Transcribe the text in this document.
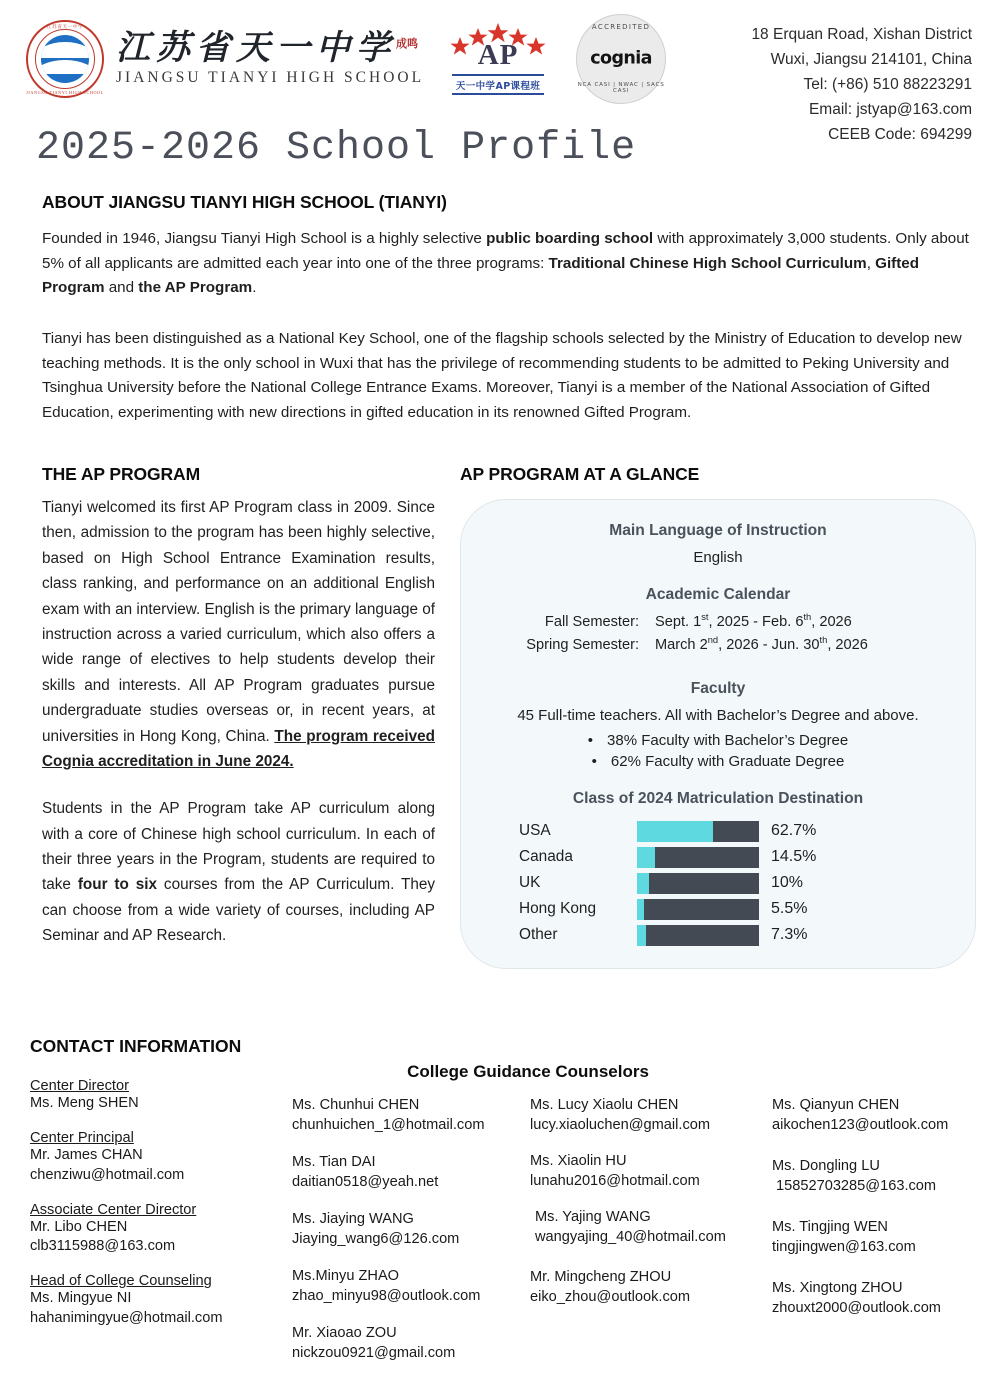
江苏省天一中学
JIANGSU TIANYI HIGH SCHOOL
江苏省天一中学成鸣
JIANGSU TIANYI HIGH SCHOOL
AP
天一中学AP课程班
ACCREDITED
cognia
NCA CASI | NWAC | SACS CASI
18 Erquan Road, Xishan District
Wuxi, Jiangsu 214101, China
Tel: (+86) 510 88223291
Email: jstyap@163.com
CEEB Code: 694299
2025-2026 School Profile
ABOUT JIANGSU TIANYI HIGH SCHOOL (TIANYI)

Founded in 1946, Jiangsu Tianyi High School is a highly selective public boarding school with approximately 3,000 students. Only about 5% of all applicants are admitted each year into one of the three programs: Traditional Chinese High School Curriculum, Gifted Program and the AP Program.

Tianyi has been distinguished as a National Key School, one of the flagship schools selected by the Ministry of Education to develop new teaching methods. It is the only school in Wuxi that has the privilege of recommending students to be admitted to Peking University and Tsinghua University before the National College Entrance Exams. Moreover, Tianyi is a member of the National Association of Gifted Education, experimenting with new directions in gifted education in its renowned Gifted Program.

THE AP PROGRAM

Tianyi welcomed its first AP Program class in 2009. Since then, admission to the program has been highly selective, based on High School Entrance Examination results, class ranking, and performance on an additional English exam with an interview. English is the primary language of instruction across a varied curriculum, which also offers a wide range of electives to help students develop their skills and interests. All AP Program graduates pursue undergraduate studies overseas or, in recent years, at universities in Hong Kong, China. The program received Cognia accreditation in June 2024.

Students in the AP Program take AP curriculum along with a core of Chinese high school curriculum. In each of their three years in the Program, students are required to take four to six courses from the AP Curriculum. They can choose from a wide variety of courses, including AP Seminar and AP Research.

AP PROGRAM AT A GLANCE
Main Language of Instruction
English
Academic Calendar
Fall Semester:	Sept. 1st, 2025 - Feb. 6th, 2026
Spring Semester:	March 2nd, 2026 - Jun. 30th, 2026
Faculty
45 Full-time teachers. All with Bachelor’s Degree and above.
• 38% Faculty with Bachelor’s Degree
• 62% Faculty with Graduate Degree
Class of 2024 Matriculation Destination
USA	62.7%
Canada	14.5%
UK	10%
Hong Kong	5.5%
Other	7.3%
CONTACT INFORMATION
College Guidance Counselors
Center Director
Ms. Meng SHEN
Center Principal
Mr. James CHAN
chenziwu@hotmail.com
Associate Center Director
Mr. Libo CHEN
clb3115988@163.com
Head of College Counseling
Ms. Mingyue NI
hahanimingyue@hotmail.com
Ms. Chunhui CHEN
chunhuichen_1@hotmail.com
Ms. Tian DAI
daitian0518@yeah.net
Ms. Jiaying WANG
Jiaying_wang6@126.com
Ms.Minyu ZHAO
zhao_minyu98@outlook.com
Mr. Xiaoao ZOU
nickzou0921@gmail.com
Ms. Lucy Xiaolu CHEN
lucy.xiaoluchen@gmail.com
Ms. Xiaolin HU
lunahu2016@hotmail.com
Ms. Yajing WANG
wangyajing_40@hotmail.com
Mr. Mingcheng ZHOU
eiko_zhou@outlook.com
Ms. Qianyun CHEN
aikochen123@outlook.com
Ms. Dongling LU
15852703285@163.com
Ms. Tingjing WEN
tingjingwen@163.com
Ms. Xingtong ZHOU
zhouxt2000@outlook.com
